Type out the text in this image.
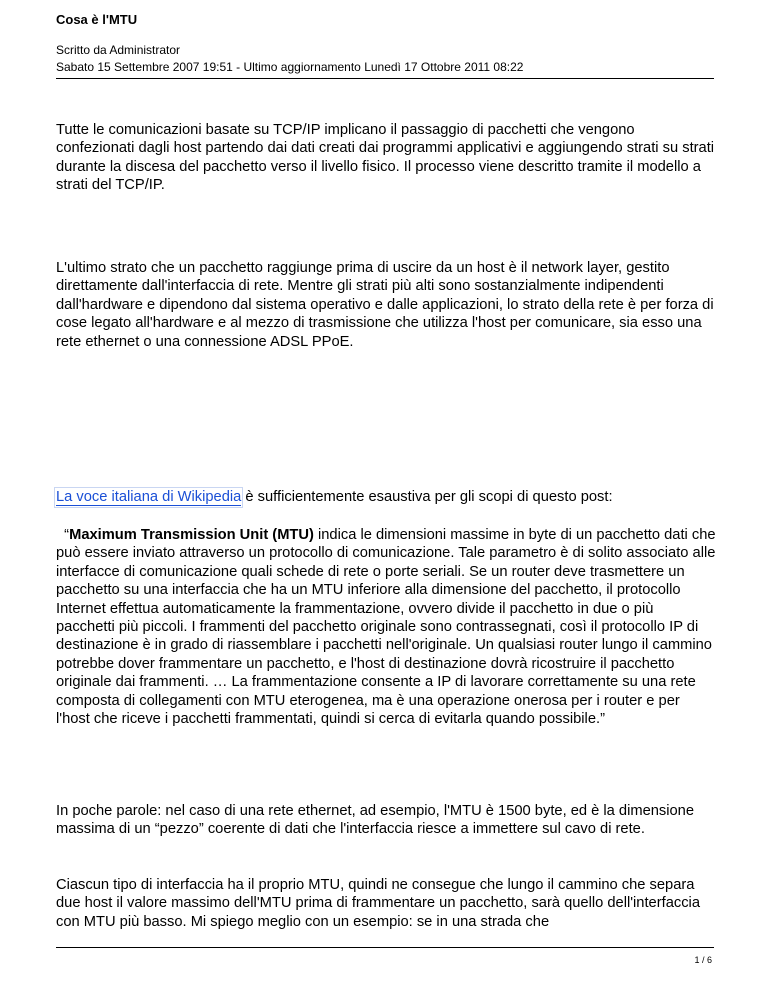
Cosa è l'MTU
Scritto da Administrator
Sabato 15 Settembre 2007 19:51 - Ultimo aggiornamento Lunedì 17 Ottobre 2011 08:22

Tutte le comunicazioni basate su TCP/IP implicano il passaggio di pacchetti che vengono confezionati dagli host partendo dai dati creati dai programmi applicativi e aggiungendo strati su strati durante la discesa del pacchetto verso il livello fisico. Il processo viene descritto tramite il modello a strati del TCP/IP.

L'ultimo strato che un pacchetto raggiunge prima di uscire da un host è il network layer, gestito direttamente dall'interfaccia di rete. Mentre gli strati più alti sono sostanzialmente indipendenti dall'hardware e dipendono dal sistema operativo e dalle applicazioni, lo strato della rete è per forza di cose legato all'hardware e al mezzo di trasmissione che utilizza l'host per comunicare, sia esso una rete ethernet o una connessione ADSL PPoE.

La voce italiana di Wikipedia è sufficientemente esaustiva per gli scopi di questo post:

“Maximum Transmission Unit (MTU) indica le dimensioni massime in byte di un pacchetto dati che può essere inviato attraverso un protocollo di comunicazione. Tale parametro è di solito associato alle interfacce di comunicazione quali schede di rete o porte seriali. Se un router deve trasmettere un pacchetto su una interfaccia che ha un MTU inferiore alla dimensione del pacchetto, il protocollo Internet effettua automaticamente la frammentazione, ovvero divide il pacchetto in due o più pacchetti più piccoli. I frammenti del pacchetto originale sono contrassegnati, così il protocollo IP di destinazione è in grado di riassemblare i pacchetti nell'originale. Un qualsiasi router lungo il cammino potrebbe dover frammentare un pacchetto, e l'host di destinazione dovrà ricostruire il pacchetto originale dai frammenti. … La frammentazione consente a IP di lavorare correttamente su una rete composta di collegamenti con MTU eterogenea, ma è una operazione onerosa per i router e per l'host che riceve i pacchetti frammentati, quindi si cerca di evitarla quando possibile.”

In poche parole: nel caso di una rete ethernet, ad esempio, l'MTU è 1500 byte, ed è la dimensione massima di un “pezzo” coerente di dati che l'interfaccia riesce a immettere sul cavo di rete.

Ciascun tipo di interfaccia ha il proprio MTU, quindi ne consegue che lungo il cammino che separa due host il valore massimo dell'MTU prima di frammentare un pacchetto, sarà quello dell'interfaccia con MTU più basso. Mi spiego meglio con un esempio: se in una strada che

1 / 6
